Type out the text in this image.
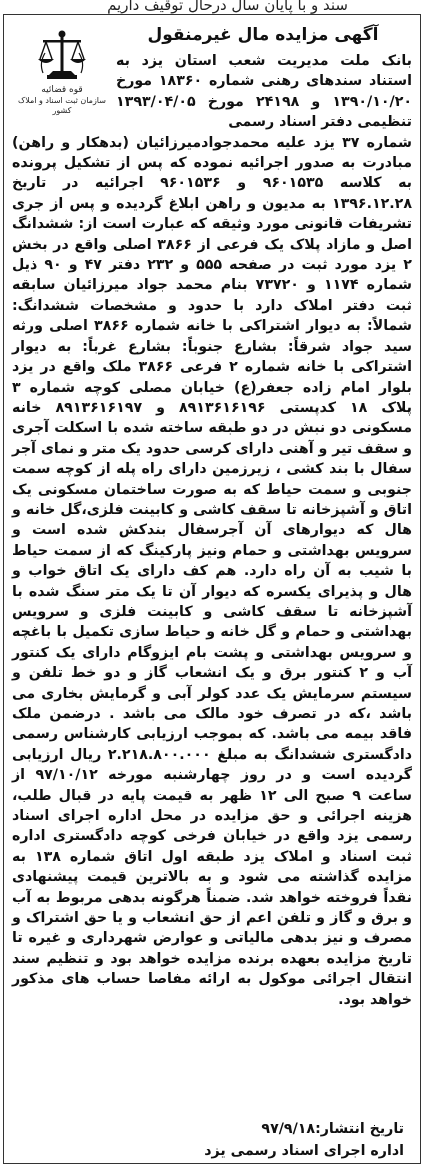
سند و با پایان سال درحال توقیف داریم
قوه قضائیه
سازمان ثبت اسناد و املاک کشور
آگهی مزایده مال غیرمنقول

بانک ملت مدیریت شعب استان یزد به استناد سندهای رهنی شماره ۱۸۳۶۰ مورخ ۱۳۹۰/۱۰/۲۰ و ۲۴۱۹۸ مورخ ۱۳۹۳/۰۴/۰۵ تنظیمی دفتر اسناد رسمی

شماره ۳۷ یزد علیه محمدجوادمیرزائیان (بدهکار و راهن) مبادرت به صدور اجرائیه نموده که پس از تشکیل پرونده به کلاسه ۹۶۰۱۵۳۵ و ۹۶۰۱۵۳۶ اجرائیه در تاریخ ۱۳۹۶.۱۲.۲۸ به مدیون و راهن ابلاغ گردیده و پس از جری تشریفات قانونی مورد وثیقه که عبارت است از: ششدانگ اصل و مازاد پلاک یک فرعی از ۳۸۶۶ اصلی واقع در بخش ۲ یزد مورد ثبت در صفحه ۵۵۵ و ۲۳۲ دفتر ۴۷ و ۹۰ ذیل شماره ۱۱۷۴ و ۷۳۷۲۰ بنام محمد جواد میرزائیان سابقه ثبت دفتر املاک دارد با حدود و مشخصات ششدانگ: شمالاً: به دیوار اشتراکی با خانه شماره ۳۸۶۶ اصلی ورثه سید جواد شرقاً: بشارع جنوباً: بشارع غرباً: به دیوار اشتراکی با خانه شماره ۲ فرعی ۳۸۶۶ ملک واقع در یزد بلوار امام زاده جعفر(ع) خیابان مصلی کوچه شماره ۳ پلاک ۱۸ کدپستی ۸۹۱۳۶۱۶۱۹۶ و ۸۹۱۳۶۱۶۱۹۷ خانه مسکونی دو نبش در دو طبقه ساخته شده با اسکلت آجری و سقف تیر و آهنی دارای کرسی حدود یک متر و نمای آجر سفال با بند کشی ، زیرزمین دارای راه پله از کوچه سمت جنوبی و سمت حیاط که به صورت ساختمان مسکونی یک اتاق و آشپزخانه تا سقف کاشی و کابینت فلزی،گل خانه و هال که دیوارهای آن آجرسفال بندکش شده است و سرویس بهداشتی و حمام ونیز پارکینگ که از سمت حیاط با شیب به آن راه دارد. هم کف دارای یک اتاق خواب و هال و پذیرای یکسره که دیوار آن تا یک متر سنگ شده با آشپزخانه تا سقف کاشی و کابینت فلزی و سرویس بهداشتی و حمام و گل خانه و حیاط سازی تکمیل با باغچه و سرویس بهداشتی و پشت بام ایزوگام دارای یک کنتور آب و ۲ کنتور برق و یک انشعاب گاز و دو خط تلفن و سیستم سرمایش یک عدد کولر آبی و گرمایش بخاری می باشد ،که در تصرف خود مالک می باشد . درضمن ملک فاقد بیمه می باشد. که بموجب ارزیابی کارشناس رسمی دادگستری ششدانگ به مبلغ ۲.۲۱۸.۸۰۰.۰۰۰ ریال ارزیابی گردیده است و در روز چهارشنبه مورخه ۹۷/۱۰/۱۲ از ساعت ۹ صبح الی ۱۲ ظهر به قیمت پایه در قبال طلب، هزینه اجرائی و حق مزایده در محل اداره اجرای اسناد رسمی یزد واقع در خیابان فرخی کوچه دادگستری اداره ثبت اسناد و املاک یزد طبقه اول اتاق شماره ۱۳۸ به مزایده گذاشته می شود و به بالاترین قیمت پیشنهادی نقداً فروخته خواهد شد. ضمناً هرگونه بدهی مربوط به آب و برق و گاز و تلفن اعم از حق انشعاب و یا حق اشتراک و مصرف و نیز بدهی مالیاتی و عوارض شهرداری و غیره تا تاریخ مزایده بعهده برنده مزایده خواهد بود و تنظیم سند انتقال اجرائی موکول به ارائه مفاصا حساب های مذکور خواهد بود.

تاریخ انتشار:۹۷/۹/۱۸
اداره اجرای اسناد رسمی یزد
